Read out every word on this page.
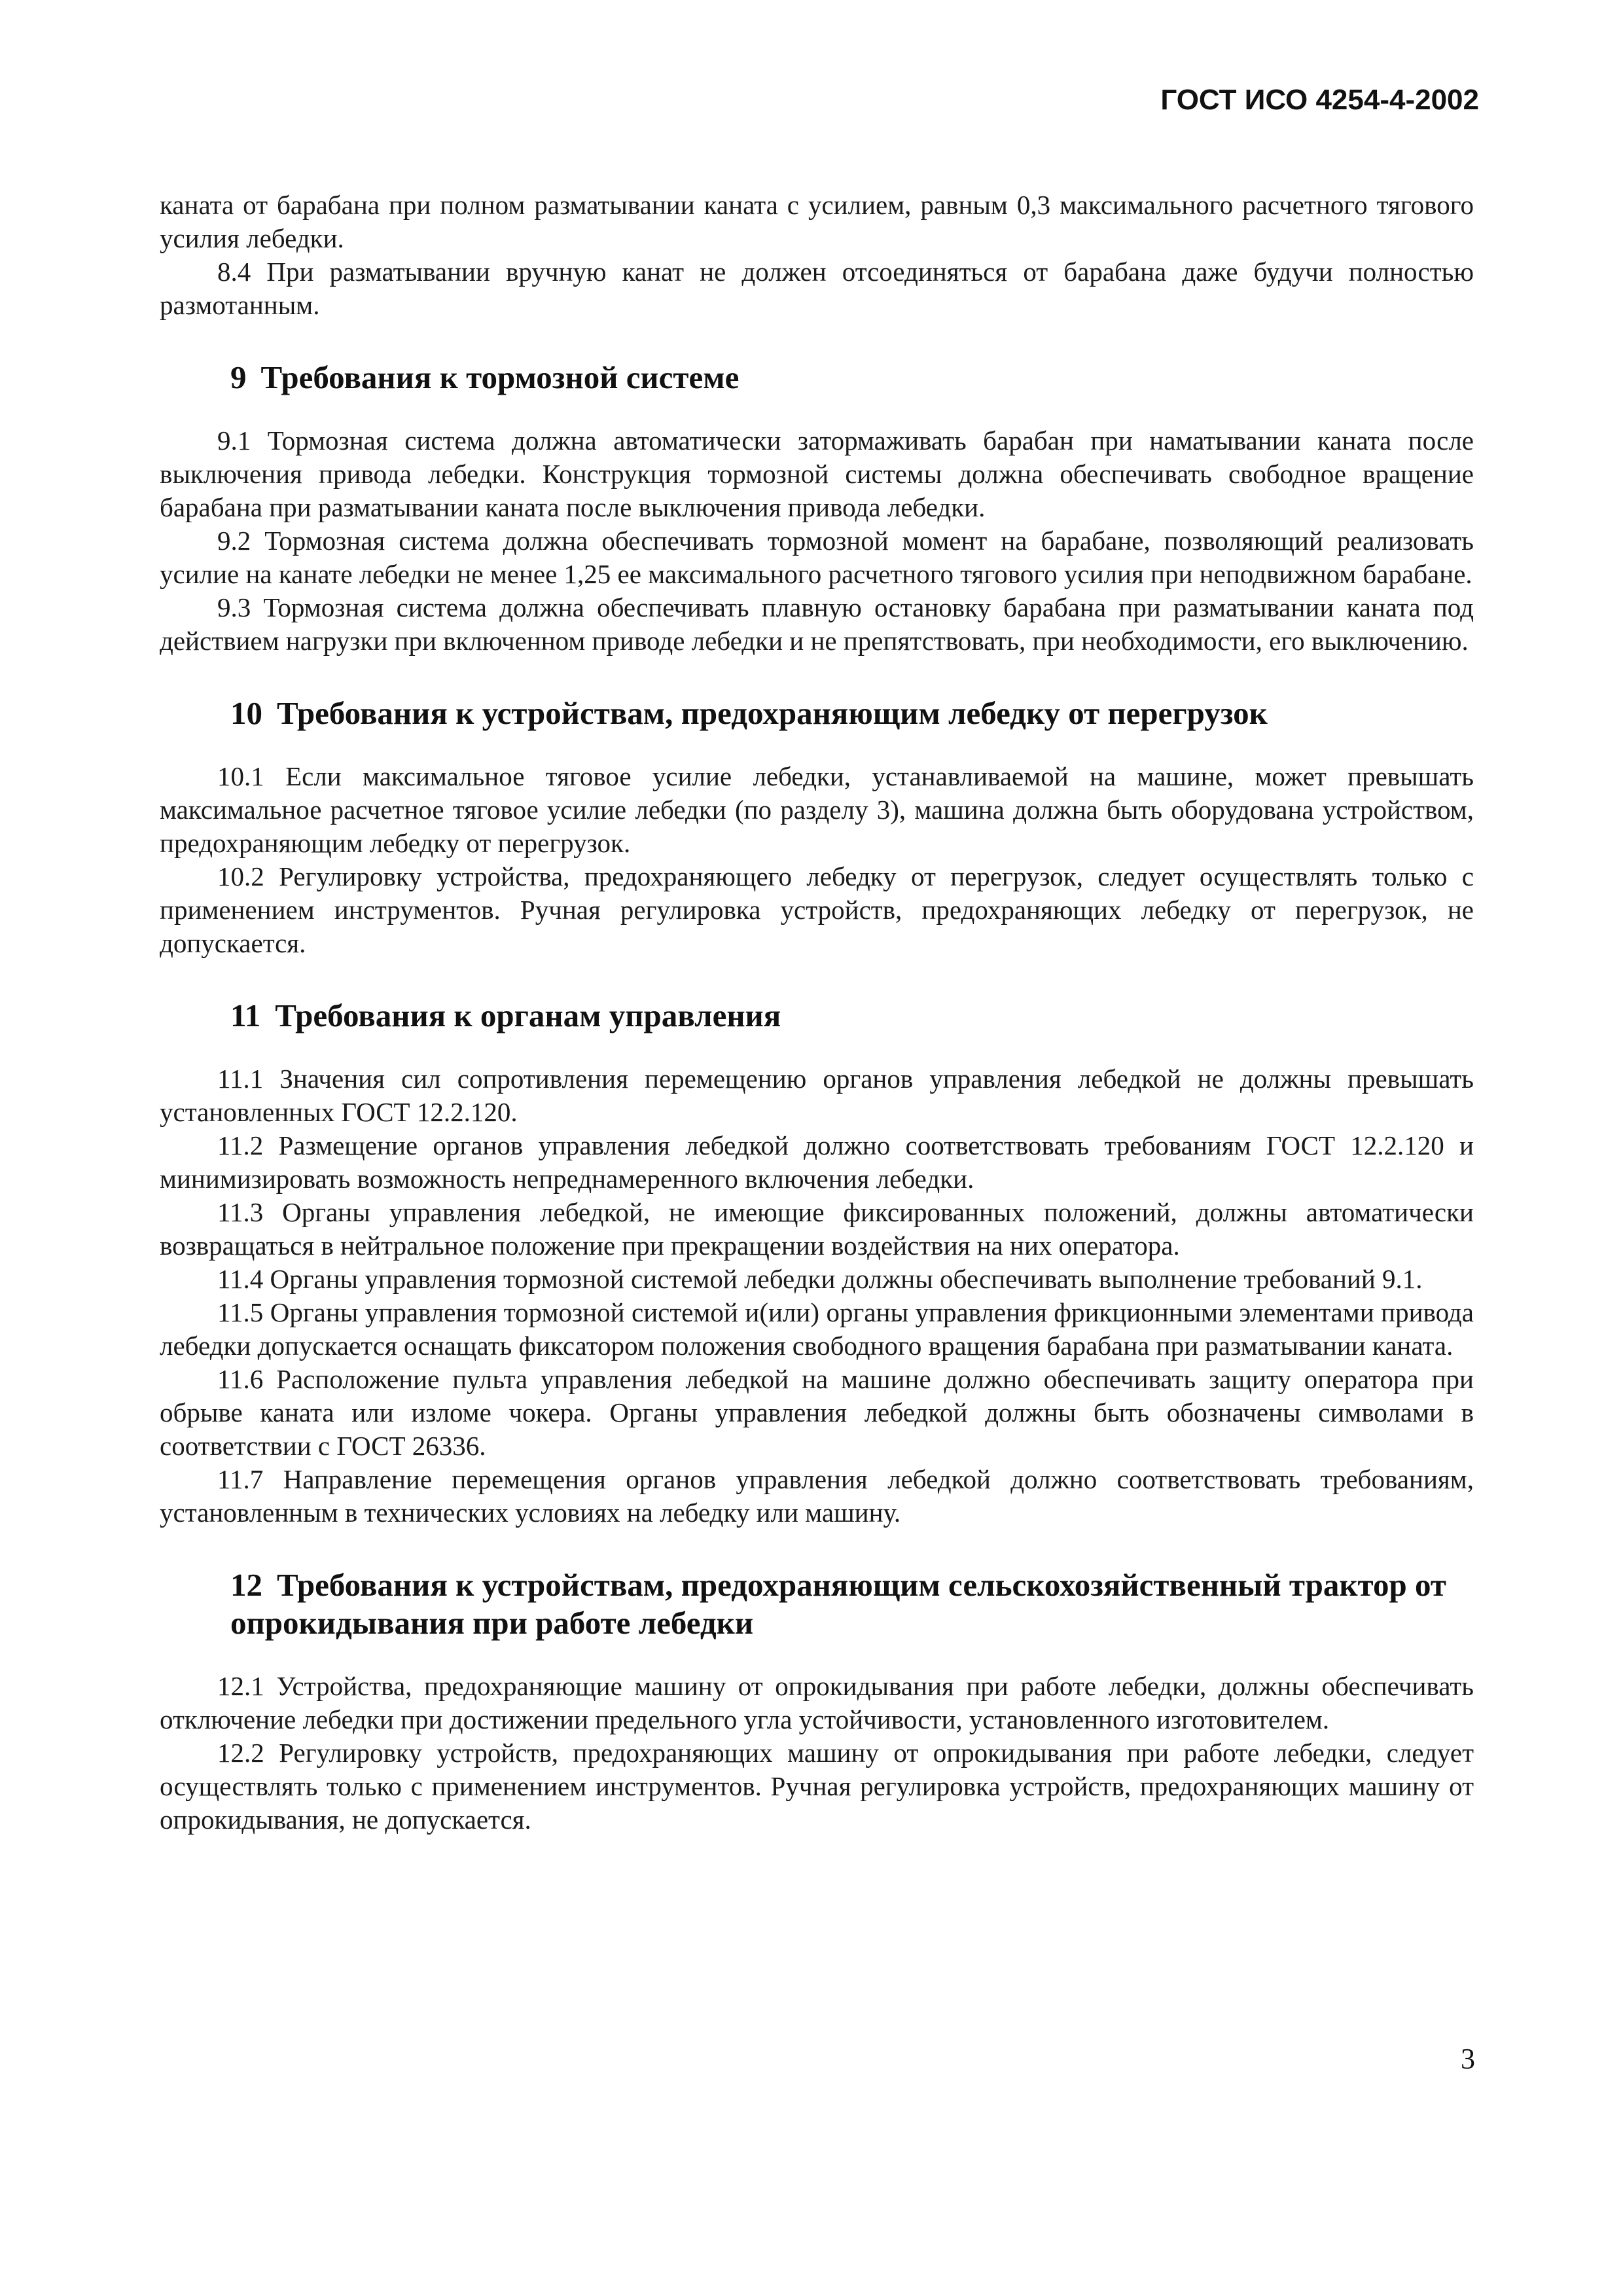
ГОСТ ИСО 4254-4-2002

каната от барабана при полном разматывании каната с усилием, равным 0,3 максимального расчетного тягового усилия лебедки.

8.4 При разматывании вручную канат не должен отсоединяться от барабана даже будучи полностью размотанным.

9 Требования к тормозной системе

9.1 Тормозная система должна автоматически затормаживать барабан при наматывании каната после выключения привода лебедки. Конструкция тормозной системы должна обеспечивать свободное вращение барабана при разматывании каната после выключения привода лебедки.

9.2 Тормозная система должна обеспечивать тормозной момент на барабане, позволяющий реализовать усилие на канате лебедки не менее 1,25 ее максимального расчетного тягового усилия при неподвижном барабане.

9.3 Тормозная система должна обеспечивать плавную остановку барабана при разматывании каната под действием нагрузки при включенном приводе лебедки и не препятствовать, при необходимости, его выключению.

10 Требования к устройствам, предохраняющим лебедку от перегрузок

10.1 Если максимальное тяговое усилие лебедки, устанавливаемой на машине, может превышать максимальное расчетное тяговое усилие лебедки (по разделу 3), машина должна быть оборудована устройством, предохраняющим лебедку от перегрузок.

10.2 Регулировку устройства, предохраняющего лебедку от перегрузок, следует осуществлять только с применением инструментов. Ручная регулировка устройств, предохраняющих лебедку от перегрузок, не допускается.

11 Требования к органам управления

11.1 Значения сил сопротивления перемещению органов управления лебедкой не должны превышать установленных ГОСТ 12.2.120.

11.2 Размещение органов управления лебедкой должно соответствовать требованиям ГОСТ 12.2.120 и минимизировать возможность непреднамеренного включения лебедки.

11.3 Органы управления лебедкой, не имеющие фиксированных положений, должны автоматически возвращаться в нейтральное положение при прекращении воздействия на них оператора.

11.4 Органы управления тормозной системой лебедки должны обеспечивать выполнение требований 9.1.

11.5 Органы управления тормозной системой и(или) органы управления фрикционными элементами привода лебедки допускается оснащать фиксатором положения свободного вращения барабана при разматывании каната.

11.6 Расположение пульта управления лебедкой на машине должно обеспечивать защиту оператора при обрыве каната или изломе чокера. Органы управления лебедкой должны быть обозначены символами в соответствии с ГОСТ 26336.

11.7 Направление перемещения органов управления лебедкой должно соответствовать требованиям, установленным в технических условиях на лебедку или машину.

12 Требования к устройствам, предохраняющим сельскохозяйственный трактор от опрокидывания при работе лебедки

12.1 Устройства, предохраняющие машину от опрокидывания при работе лебедки, должны обеспечивать отключение лебедки при достижении предельного угла устойчивости, установленного изготовителем.

12.2 Регулировку устройств, предохраняющих машину от опрокидывания при работе лебедки, следует осуществлять только с применением инструментов. Ручная регулировка устройств, предохраняющих машину от опрокидывания, не допускается.

3
